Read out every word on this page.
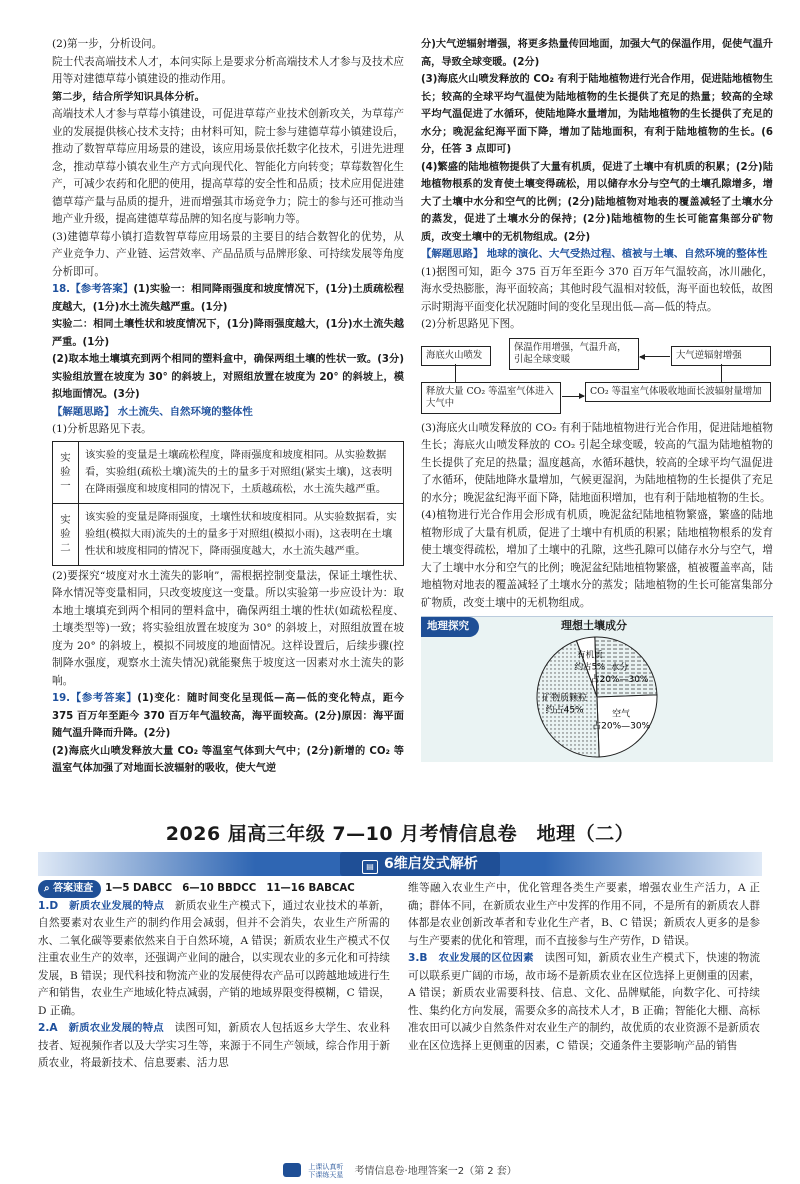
(2)第一步，分析设问。

院士代表高端技术人才，本问实际上是要求分析高端技术人才参与及技术应用等对建德草莓小镇建设的推动作用。

第二步，结合所学知识具体分析。

高端技术人才参与草莓小镇建设，可促进草莓产业技术创新攻关，为草莓产业的发展提供核心技术支持；由材料可知，院士参与建德草莓小镇建设后，推动了数智草莓应用场景的建设，该应用场景依托数字化技术，引进先进理念，推动草莓小镇农业生产方式向现代化、智能化方向转变；草莓数智化生产，可减少农药和化肥的使用，提高草莓的安全性和品质；技术应用促进建德草莓产量与品质的提升，进而增强其市场竞争力；院士的参与还可推动当地产业升级，提高建德草莓品牌的知名度与影响力等。

(3)建德草莓小镇打造数智草莓应用场景的主要目的结合数智化的优势，从产业竞争力、产业链、运营效率、产品品质与品牌形象、可持续发展等角度分析即可。

18.【参考答案】(1)实验一：相同降雨强度和坡度情况下，(1分)土质疏松程度越大，(1分)水土流失越严重。(1分)

实验二：相同土壤性状和坡度情况下，(1分)降雨强度越大，(1分)水土流失越严重。(1分)

(2)取本地土壤填充到两个相同的塑料盒中，确保两组土壤的性状一致。(3分)实验组放置在坡度为 30° 的斜坡上，对照组放置在坡度为 20° 的斜坡上，模拟地面情况。(3分)

【解题思路】 水土流失、自然环境的整体性

(1)分析思路见下表。

实验一	该实验的变量是土壤疏松程度，降雨强度和坡度相同。从实验数据看，实验组(疏松土壤)流失的土的量多于对照组(紧实土壤)，这表明在降雨强度和坡度相同的情况下，土质越疏松，水土流失越严重。
实验二	该实验的变量是降雨强度，土壤性状和坡度相同。从实验数据看，实验组(模拟大雨)流失的土的量多于对照组(模拟小雨)，这表明在土壤性状和坡度相同的情况下，降雨强度越大，水土流失越严重。

(2)要探究“坡度对水土流失的影响”，需根据控制变量法，保证土壤性状、降水情况等变量相同，只改变坡度这一变量。所以实验第一步应设计为：取本地土壤填充到两个相同的塑料盒中，确保两组土壤的性状(如疏松程度、土壤类型等)一致；将实验组放置在坡度为 30° 的斜坡上，对照组放置在坡度为 20° 的斜坡上，模拟不同坡度的地面情况。这样设置后，后续步骤(控制降水强度，观察水土流失情况)就能聚焦于坡度这一因素对水土流失的影响。

19.【参考答案】(1)变化：随时间变化呈现低—高—低的变化特点，距今 375 百万年至距今 370 百万年气温较高，海平面较高。(2分)原因：海平面随气温升降而升降。(2分)

(2)海底火山喷发释放大量 CO₂ 等温室气体到大气中；(2分)新增的 CO₂ 等温室气体加强了对地面长波辐射的吸收，使大气逆

分)大气逆辐射增强，将更多热量传回地面，加强大气的保温作用，促使气温升高，导致全球变暖。(2分)

(3)海底火山喷发释放的 CO₂ 有利于陆地植物进行光合作用，促进陆地植物生长；较高的全球平均气温使为陆地植物的生长提供了充足的热量；较高的全球平均气温促进了水循环，使陆地降水量增加，为陆地植物的生长提供了充足的水分；晚泥盆纪海平面下降，增加了陆地面积，有利于陆地植物的生长。(6分，任答 3 点即可)

(4)繁盛的陆地植物提供了大量有机质，促进了土壤中有机质的积累；(2分)陆地植物根系的发育使土壤变得疏松，用以储存水分与空气的土壤孔隙增多，增大了土壤中水分和空气的比例；(2分)陆地植物对地表的覆盖减轻了土壤水分的蒸发，促进了土壤水分的保持；(2分)陆地植物的生长可能富集部分矿物质，改变土壤中的无机物组成。(2分)

【解题思路】 地球的演化、大气受热过程、植被与土壤、自然环境的整体性

(1)据图可知，距今 375 百万年至距今 370 百万年气温较高，冰川融化，海水受热膨胀，海平面较高；其他时段气温相对较低，海平面也较低，故图示时期海平面变化状况随时间的变化呈现出低—高—低的特点。

(2)分析思路见下图。

海底火山喷发
保温作用增强，气温升高，引起全球变暖	大气逆辐射增强
释放大量 CO₂ 等温室气体进入大气中
CO₂ 等温室气体吸收地面长波辐射量增加

(3)海底火山喷发释放的 CO₂ 有利于陆地植物进行光合作用，促进陆地植物生长；海底火山喷发释放的 CO₂ 引起全球变暖，较高的气温为陆地植物的生长提供了充足的热量；温度越高，水循环越快，较高的全球平均气温促进了水循环，使陆地降水量增加，气候更湿润，为陆地植物的生长提供了充足的水分；晚泥盆纪海平面下降，陆地面积增加，也有利于陆地植物的生长。

(4)植物进行光合作用会形成有机质，晚泥盆纪陆地植物繁盛，繁盛的陆地植物形成了大量有机质，促进了土壤中有机质的积累；陆地植物根系的发育使土壤变得疏松，增加了土壤中的孔隙，这些孔隙可以储存水分与空气，增大了土壤中水分和空气的比例；晚泥盆纪陆地植物繁盛，植被覆盖率高，陆地植物对地表的覆盖减轻了土壤水分的蒸发；陆地植物的生长可能富集部分矿物质，改变土壤中的无机物组成。

地理探究	理想土壤成分
有机质
约占5% 水分
占20%—30%
空气
占20%—30%
矿物质颗粒
约占45%
2026 届高三年级 7—10 月考情信息卷　地理（二）
▤ 6维启发式解析

⌕ 答案速查 1—5 DABCC　6—10 BBDCC　11—16 BABCAC

1.D　 新质农业发展的特点　 新质农业生产模式下，通过农业技术的革新，自然要素对农业生产的制约作用会减弱，但并不会消失，农业生产所需的水、二氧化碳等要素依然来自于自然环境，A 错误；新质农业生产模式不仅注重农业生产的效率，还强调产业间的融合，以实现农业的多元化和可持续发展，B 错误；现代科技和物流产业的发展使得农产品可以跨越地域进行生产和销售，农业生产地域化特点减弱，产销的地域界限变得模糊，C 错误，D 正确。

2.A　 新质农业发展的特点　 读图可知，新质农人包括返乡大学生、农业科技者、短视频作者以及大学实习生等，来源于不同生产领域，综合作用于新质农业，将最新技术、信息要素、活力思

维等融入农业生产中，优化管理各类生产要素，增强农业生产活力，A 正确；群体不同，在新质农业生产中发挥的作用不同，不是所有的新质农人群体都是农业创新改革者和专业化生产者，B、C 错误；新质农人更多的是参与生产要素的优化和管理，而不直接参与生产劳作，D 错误。

3.B　 农业发展的区位因素　 读图可知，新质农业生产模式下，快速的物流可以联系更广阔的市场，故市场不是新质农业在区位选择上更侧重的因素，A 错误；新质农业需要科技、信息、文化、品牌赋能，向数字化、可持续性、集约化方向发展，需要众多的高技术人才，B 正确；智能化大棚、高标准农田可以减少自然条件对农业生产的制约，故优质的农业资源不是新质农业在区位选择上更侧重的因素，C 错误；交通条件主要影响产品的销售

上课认真听
下课练天星 考情信息卷·地理答案一2（第 2 套）
